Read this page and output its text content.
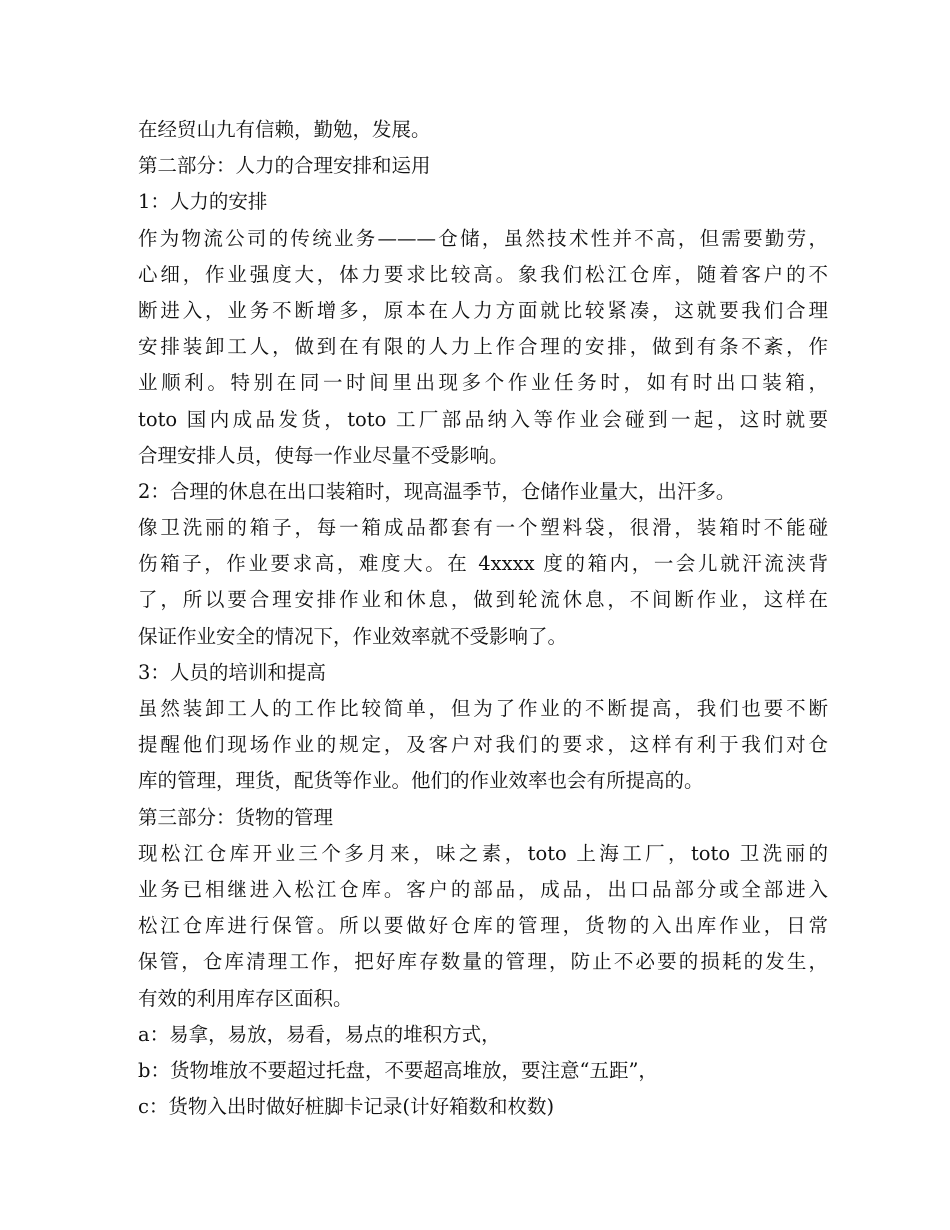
在经贸山九有信赖，勤勉，发展。
第二部分：人力的合理安排和运用
1：人力的安排
作为物流公司的传统业务———仓储，虽然技术性并不高，但需要勤劳，
心细，作业强度大，体力要求比较高。象我们松江仓库，随着客户的不
断进入，业务不断增多，原本在人力方面就比较紧凑，这就要我们合理
安排装卸工人，做到在有限的人力上作合理的安排，做到有条不紊，作
业顺利。特别在同一时间里出现多个作业任务时，如有时出口装箱，
toto 国内成品发货，toto 工厂部品纳入等作业会碰到一起，这时就要
合理安排人员，使每一作业尽量不受影响。
2：合理的休息在出口装箱时，现高温季节，仓储作业量大，出汗多。
像卫洗丽的箱子，每一箱成品都套有一个塑料袋，很滑，装箱时不能碰
伤箱子，作业要求高，难度大。在 4xxxx 度的箱内，一会儿就汗流浃背
了，所以要合理安排作业和休息，做到轮流休息，不间断作业，这样在
保证作业安全的情况下，作业效率就不受影响了。
3：人员的培训和提高
虽然装卸工人的工作比较简单，但为了作业的不断提高，我们也要不断
提醒他们现场作业的规定，及客户对我们的要求，这样有利于我们对仓
库的管理，理货，配货等作业。他们的作业效率也会有所提高的。
第三部分：货物的管理
现松江仓库开业三个多月来，味之素，toto 上海工厂，toto 卫洗丽的
业务已相继进入松江仓库。客户的部品，成品，出口品部分或全部进入
松江仓库进行保管。所以要做好仓库的管理，货物的入出库作业，日常
保管，仓库清理工作，把好库存数量的管理，防止不必要的损耗的发生，
有效的利用库存区面积。
a：易拿，易放，易看，易点的堆积方式，
b：货物堆放不要超过托盘，不要超高堆放，要注意“五距”，
c：货物入出时做好桩脚卡记录(计好箱数和枚数)
